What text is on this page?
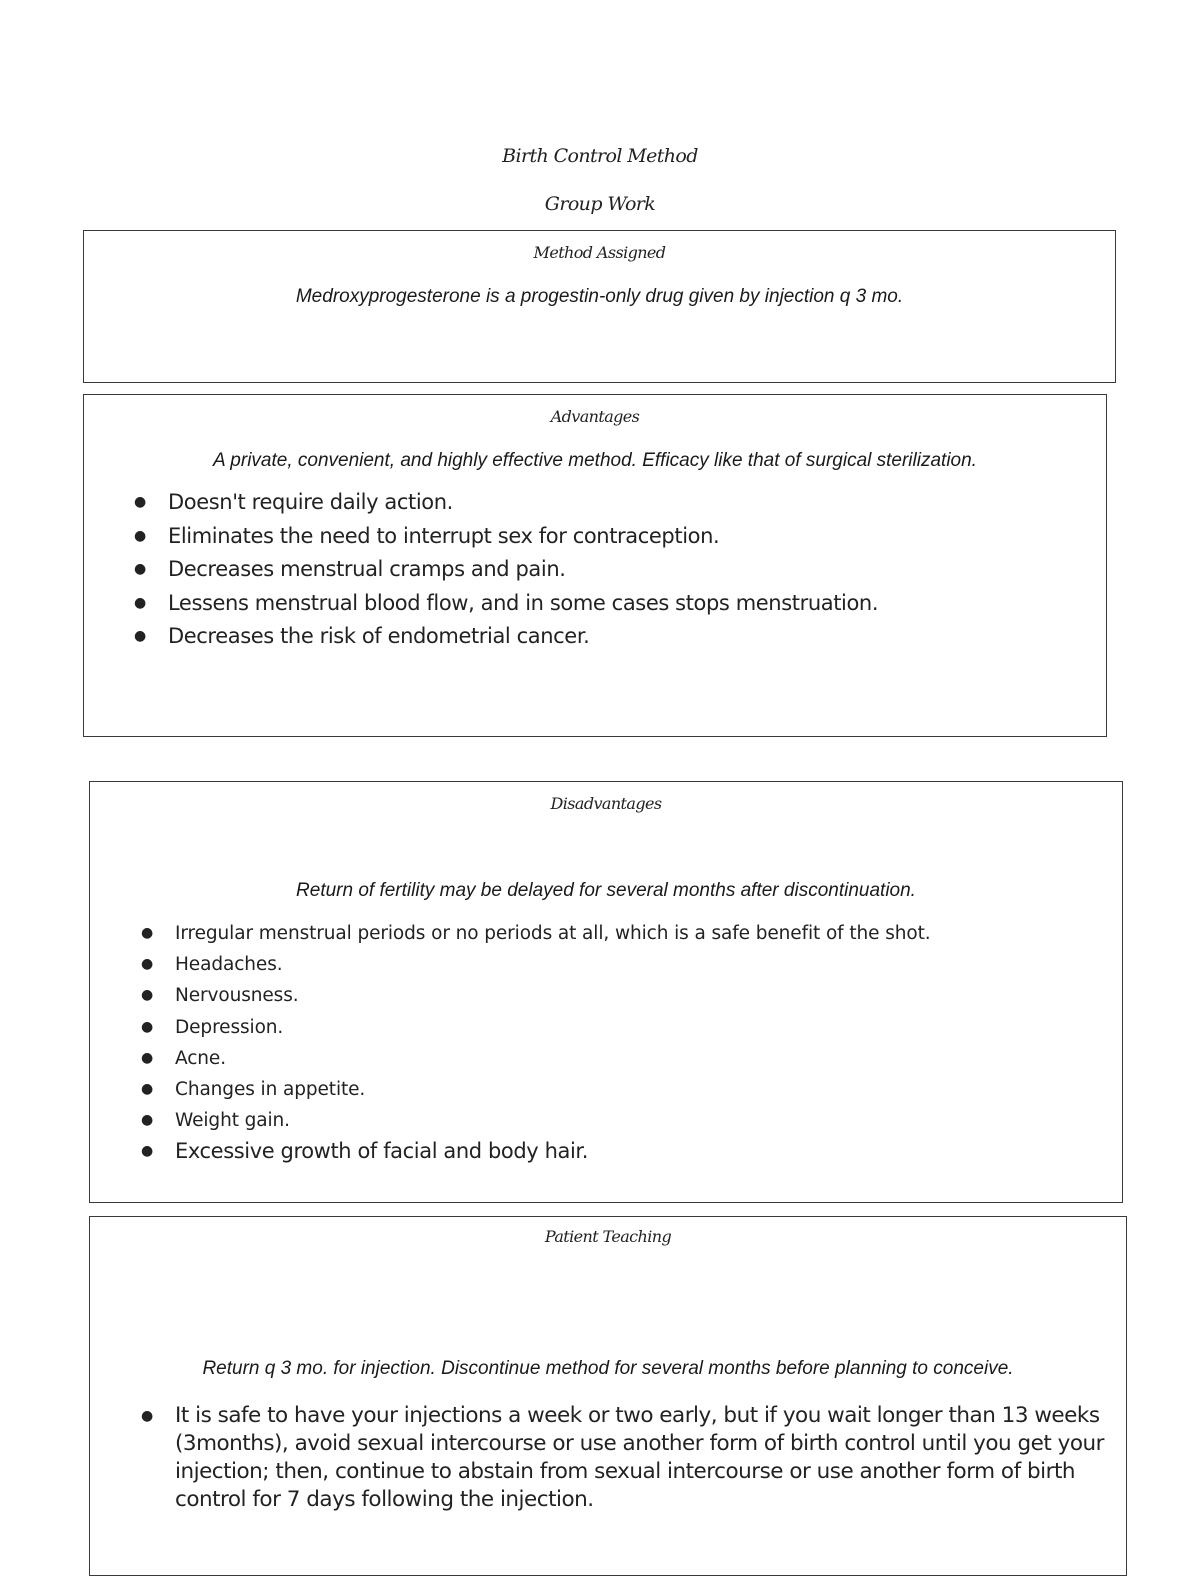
Birth Control Method
Group Work
Method Assigned
Medroxyprogesterone is a progestin-only drug given by injection q 3 mo.
Advantages
A private, convenient, and highly effective method. Efficacy like that of surgical sterilization.
● Doesn't require daily action.
● Eliminates the need to interrupt sex for contraception.
● Decreases menstrual cramps and pain.
● Lessens menstrual blood flow, and in some cases stops menstruation.
● Decreases the risk of endometrial cancer.
Disadvantages
Return of fertility may be delayed for several months after discontinuation.
● Irregular menstrual periods or no periods at all, which is a safe benefit of the shot.
● Headaches.
● Nervousness.
● Depression.
● Acne.
● Changes in appetite.
● Weight gain.
● Excessive growth of facial and body hair.
Patient Teaching
Return q 3 mo. for injection. Discontinue method for several months before planning to conceive.
● It is safe to have your injections a week or two early, but if you wait longer than 13 weeks (3months), avoid sexual intercourse or use another form of birth control until you get your injection; then, continue to abstain from sexual intercourse or use another form of birth control for 7 days following the injection.
